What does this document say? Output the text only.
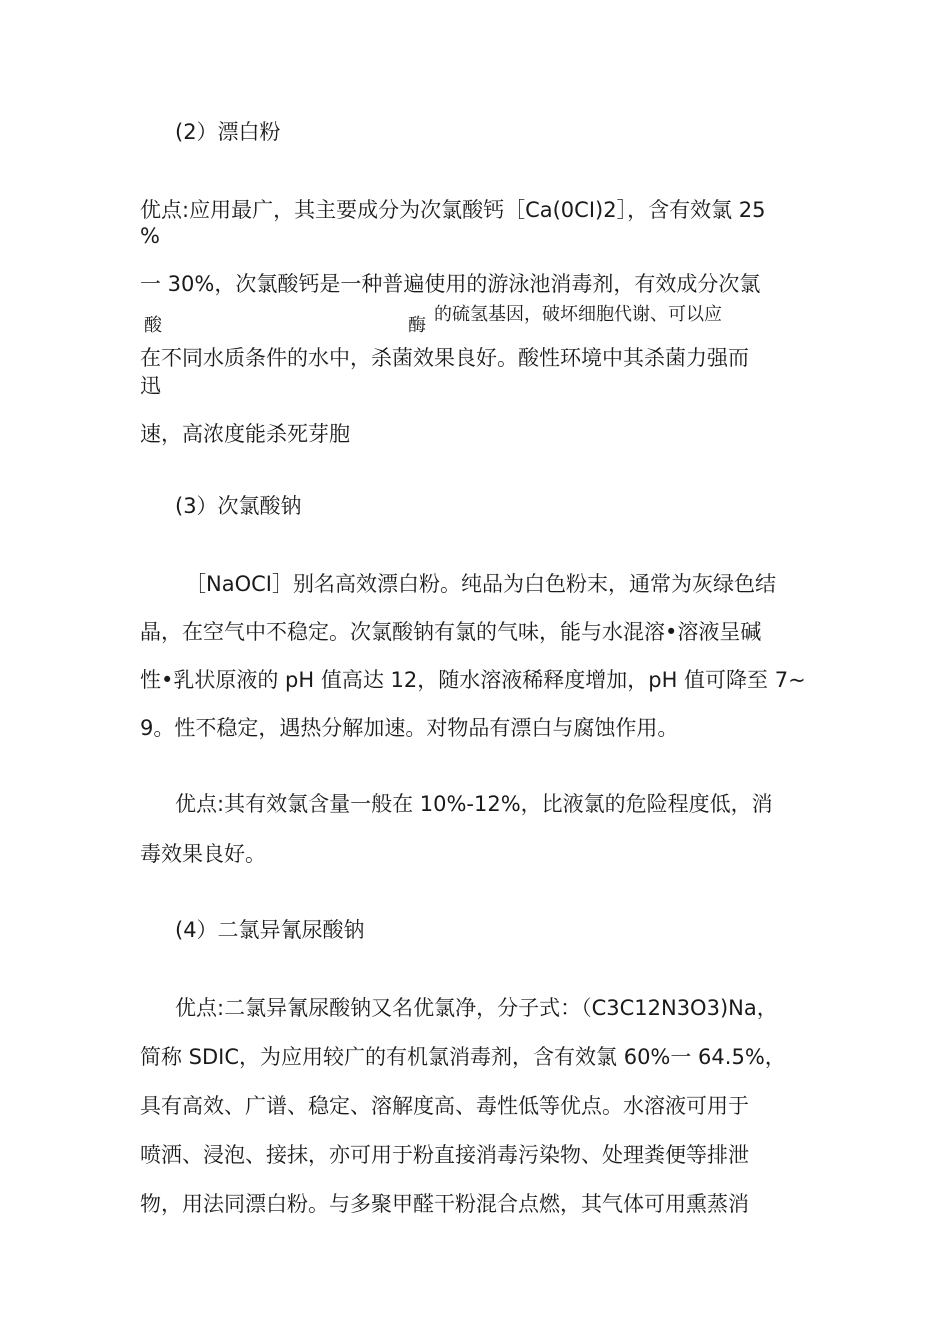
(2）漂白粉
优点:应用最广，其主要成分为次氯酸钙［Ca(0CI)2］，含有效氯 25
%
一 30%，次氯酸钙是一种普遍使用的游泳池消毒剂，有效成分次氯
酸	酶
的硫氢基因，破坏细胞代谢、可以应
在不同水质条件的水中，杀菌效果良好。酸性环境中其杀菌力强而
迅
速，高浓度能杀死芽胞
(3）次氯酸钠
［NaOCI］别名高效漂白粉。纯品为白色粉末，通常为灰绿色结
晶，在空气中不稳定。次氯酸钠有氯的气味，能与水混溶•溶液呈碱
性•乳状原液的 pH 值高达 12，随水溶液稀释度增加，pH 值可降至 7~
9。性不稳定，遇热分解加速。对物品有漂白与腐蚀作用。
优点:其有效氯含量一般在 10%-12%，比液氯的危险程度低，消
毒效果良好。
(4）二氯异氰尿酸钠
优点:二氯异氰尿酸钠又名优氯净，分子式：（C3C12N3O3)Na，
简称 SDIC，为应用较广的有机氯消毒剂，含有效氯 60%一 64.5%，
具有高效、广谱、稳定、溶解度高、毒性低等优点。水溶液可用于
喷洒、浸泡、接抹，亦可用于粉直接消毒污染物、处理粪便等排泄
物，用法同漂白粉。与多聚甲醛干粉混合点燃，其气体可用熏蒸消
